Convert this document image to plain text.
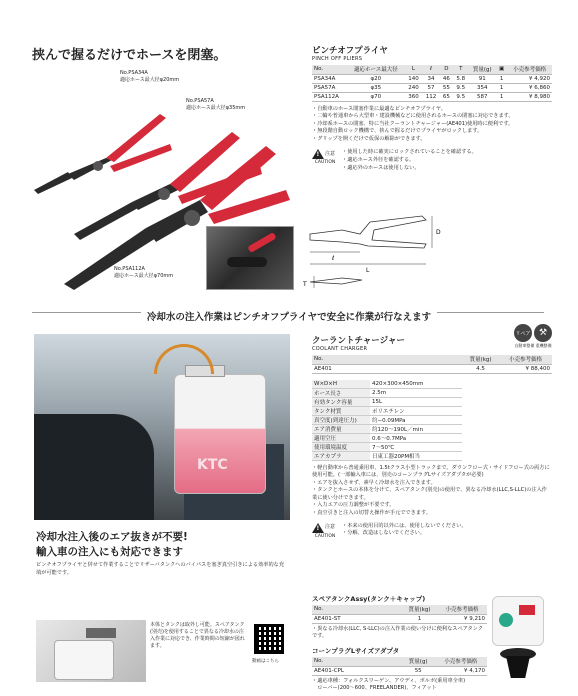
挟んで握るだけでホースを閉塞。
No.PSA34A
適応ホース最大径φ20mm
No.PSA57A
適応ホース最大径φ35mm
No.PSA112A
適応ホース最大径φ70mm
ピンチオフプライヤ
PINCH OFF PLIERS
No.	適応ホース最大径	L	ℓ	D	T	質量(g)	▣	小売参考価格
PSA34A	φ20	140	34	46	5.8	91	1	¥ 4,920
PSA57A	φ35	240	57	55	9.5	354	1	¥ 6,860
PSA112A	φ70	360	112	65	9.5	587	1	¥ 8,980
・自動車のホース閉塞作業に最適なピンチオフプライヤ。
・二輪や普通車から大型車・建設機械などに使用されるホースの閉塞に対応できます。
・冷却系ホースの閉塞、特に当社クーラントチャージャー(AE401)使用時に便利です。
・無段階自動ロック機構で、挟んで握るだけでプライヤがロックします。
・グリップを開くだけで仮保の解除ができます。
! 注意
CAUTION
・使用した時に確実にロックされていることを確認する。
・適応ホース外径を確認する。
・適応外のホースは使用しない。
ℓ
L
D
T
冷却水の注入作業はピンチオフプライヤで安全に作業が行なえます
KTC
冷却水注入後のエア抜きが不要!
輸入車の注入にも対応できます
ピンチオフプライヤと併せて作業することでリザーバタンクへのバイパスを塞ぎ真空引きによる効率的な充填が可能です。
本体とタンクは取外し可能。スペアタンク(別売)を使用することで異なる冷却水の注入作業に対応でき、作業時間の短縮が図れます。
動画はこちら
クーラントチャージャー
COOLANT CHARGER
リペア ⚒
自動車整備 重機整備
No.	質量(kg)	小売参考価格
AE401	4.5	¥ 88,400
W×D×H	420×300×450mm
ホース長さ	2.5m
有効タンク容量	15L
タンク材質	ポリエチレン
真空度(到達圧力)	約−0.09MPa
エア消費量	約120〜190L／min
適用空圧	0.6〜0.7MPa
使用環境温度	7〜50℃
エアカプラ	日東工器20PM相当
・軽自動車から普通乗用車、1.5tクラス小型トラックまで。ダウンフロー式・サイドフロー式の両方に使用可能。(一部輸入車には、別売のコーンプラグLサイズアダプタが必要)
・エアを抜入させず、素早く冷却水を注入できます。
・タンクとホースの本体を分けて、スペアタンク(別売)の使用で、異なる冷却水(LLC,S-LLC)の注入作業に使い分けできます。
・入力エアの圧力調整が不要です。
・真空引きと注入の切替え操作が手元でできます。
! 注意
CAUTION
・本来の使用目的以外には、使用しないでください。
・分解、改造はしないでください。
スペアタンクAssy(タンク＋キャップ)
No.	質量(kg)	小売参考価格
AE401-ST	1	¥ 9,210
・異なる冷却水(LLC, S-LLC)の注入作業の使い分けに便利なスペアタンクです。
コーンプラグLサイズアダプタ
No.	質量(g)	小売参考価格
AE401-CPL	55	¥ 4,170
・適応車種：フォルクスワーゲン、アウディ、ボルボ(乗用車全車)
　ローバー(200〜600、FREELANDER)、フィアット
